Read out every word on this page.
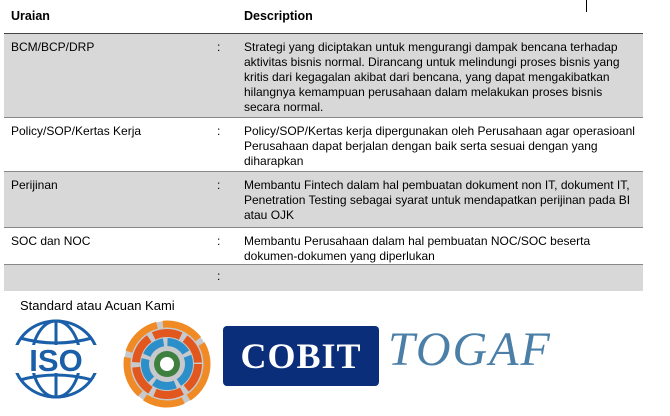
Uraian		Description
BCM/BCP/DRP	:	Strategi yang diciptakan untuk mengurangi dampak bencana terhadap aktivitas bisnis normal. Dirancang untuk melindungi proses bisnis yang kritis dari kegagalan akibat dari bencana, yang dapat mengakibatkan hilangnya kemampuan perusahaan dalam melakukan proses bisnis secara normal.
Policy/SOP/Kertas Kerja	:	Policy/SOP/Kertas kerja dipergunakan oleh Perusahaan agar operasioanl Perusahaan dapat berjalan dengan baik serta sesuai dengan yang diharapkan
Perijinan	:	Membantu Fintech dalam hal pembuatan dokument non IT, dokument IT, Penetration Testing sebagai syarat untuk mendapatkan perijinan pada BI atau OJK
SOC dan NOC	:	Membantu Perusahaan dalam hal pembuatan NOC/SOC beserta dokumen-dokumen yang diperlukan
	:	
Standard atau Acuan Kami
ISO	COBIT TOGAF
